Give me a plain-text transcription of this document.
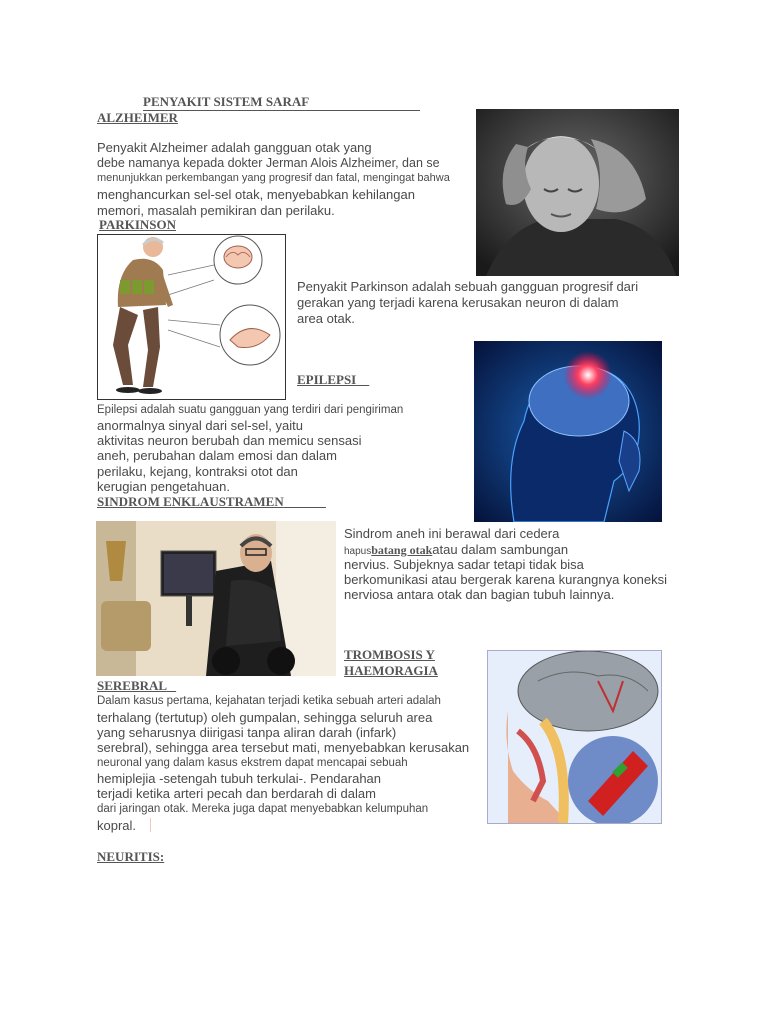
PENYAKIT SISTEM SARAF
ALZHEIMER
Penyakit Alzheimer adalah gangguan otak yang
debe namanya kepada dokter Jerman Alois Alzheimer, dan se
menunjukkan perkembangan yang progresif dan fatal, mengingat bahwa
menghancurkan sel-sel otak, menyebabkan kehilangan
memori, masalah pemikiran dan perilaku.
PARKINSON
Penyakit Parkinson adalah sebuah gangguan progresif dari
gerakan yang terjadi karena kerusakan neuron di dalam
area otak.
EPILEPSI
Epilepsi adalah suatu gangguan yang terdiri dari pengiriman
anormalnya sinyal dari sel-sel, yaitu
aktivitas neuron berubah dan memicu sensasi
aneh, perubahan dalam emosi dan dalam
perilaku, kejang, kontraksi otot dan
kerugian pengetahuan.
SINDROM ENKLAUSTRAMEN
Sindrom aneh ini berawal dari cedera
hapusbatang otakatau dalam sambungan
nervius. Subjeknya sadar tetapi tidak bisa
berkomunikasi atau bergerak karena kurangnya koneksi
nerviosa antara otak dan bagian tubuh lainnya.
TROMBOSIS Y
HAEMORAGIA
SEREBRAL
Dalam kasus pertama, kejahatan terjadi ketika sebuah arteri adalah
terhalang (tertutup) oleh gumpalan, sehingga seluruh area
yang seharusnya diirigasi tanpa aliran darah (infark)
serebral), sehingga area tersebut mati, menyebabkan kerusakan
neuronal yang dalam kasus ekstrem dapat mencapai sebuah
hemiplejia -setengah tubuh terkulai-. Pendarahan
terjadi ketika arteri pecah dan berdarah di dalam
dari jaringan otak. Mereka juga dapat menyebabkan kelumpuhan
kopral.
NEURITIS:
